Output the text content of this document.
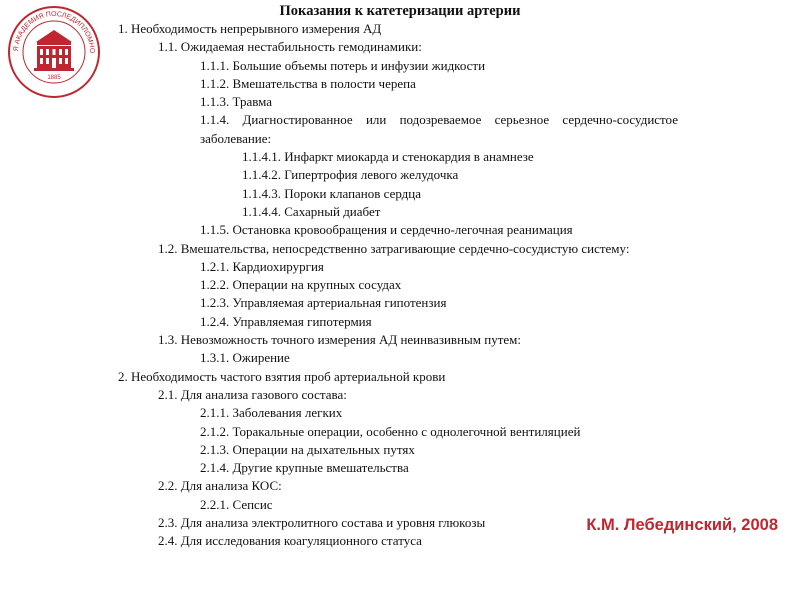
Я АКАДЕМИЯ ПОСЛЕДИПЛОМНО
1885
Показания к катетеризации артерии
1. Необходимость непрерывного измерения АД
1.1. Ожидаемая нестабильность гемодинамики:
1.1.1. Большие объемы потерь и инфузии жидкости
1.1.2. Вмешательства в полости черепа
1.1.3. Травма
1.1.4. Диагностированное или подозреваемое серьезное сердечно-сосудистое заболевание:
1.1.4.1. Инфаркт миокарда и стенокардия в анамнезе
1.1.4.2. Гипертрофия левого желудочка
1.1.4.3. Пороки клапанов сердца
1.1.4.4. Сахарный диабет
1.1.5. Остановка кровообращения и сердечно-легочная реанимация
1.2. Вмешательства, непосредственно затрагивающие сердечно-сосудистую систему:
1.2.1. Кардиохирургия
1.2.2. Операции на крупных сосудах
1.2.3. Управляемая артериальная гипотензия
1.2.4. Управляемая гипотермия
1.3. Невозможность точного измерения АД неинвазивным путем:
1.3.1. Ожирение
2. Необходимость частого взятия проб артериальной крови
2.1. Для анализа газового состава:
2.1.1. Заболевания легких
2.1.2. Торакальные операции, особенно с однолегочной вентиляцией
2.1.3. Операции на дыхательных путях
2.1.4. Другие крупные вмешательства
2.2. Для анализа КОС:
2.2.1. Сепсис
2.3. Для анализа электролитного состава и уровня глюкозы
2.4. Для исследования коагуляционного статуса
К.М. Лебединский, 2008
